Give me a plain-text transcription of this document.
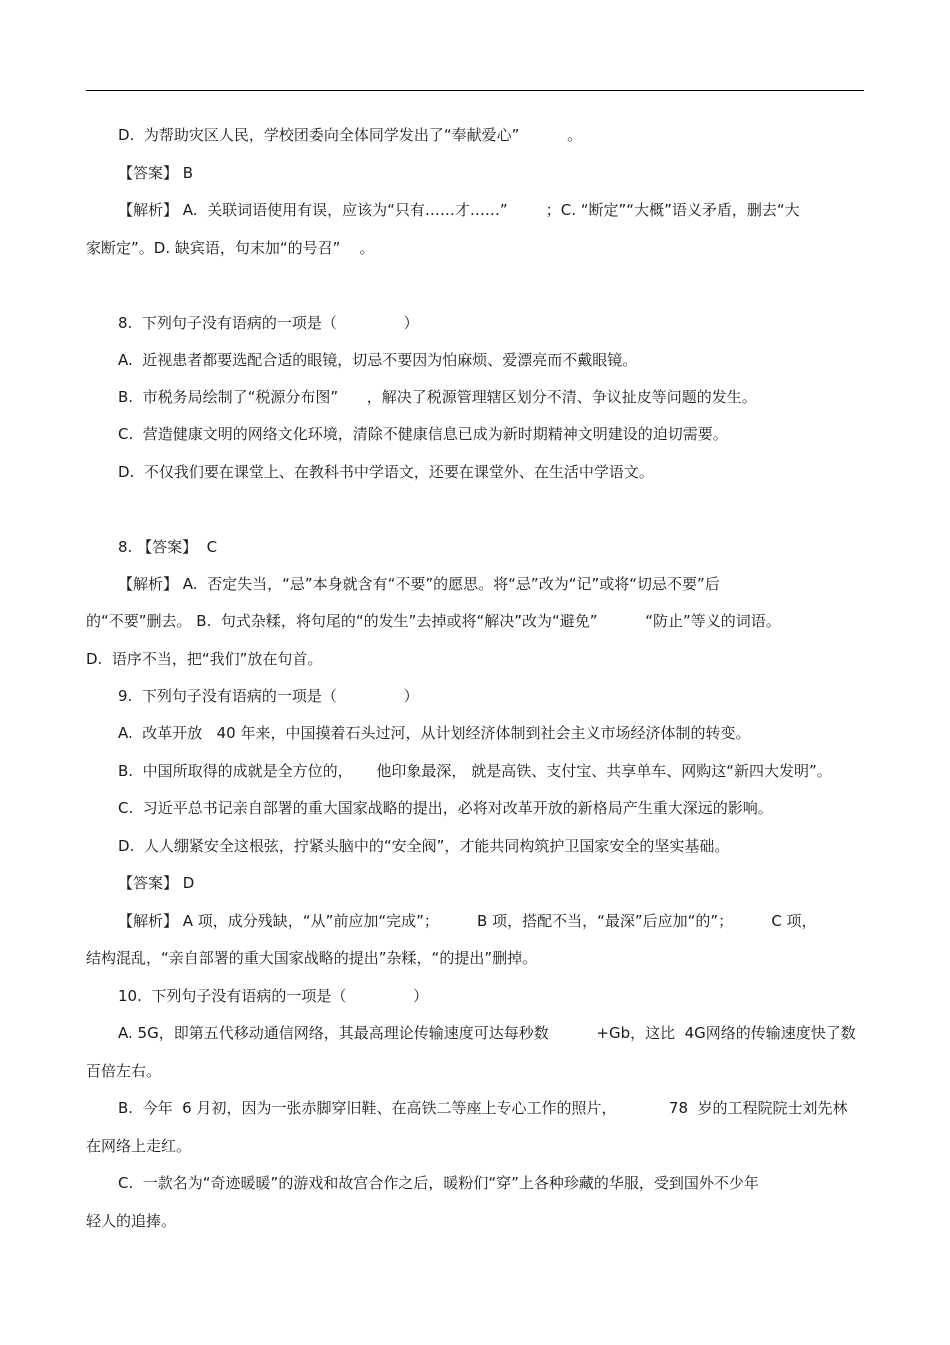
D.  为帮助灾区人民，学校团委向全体同学发出了“奉献爱心”          。
【答案】 B
【解析】 A.  关联词语使用有误，应该为“只有……才……”        ；C. “断定”“大概”语义矛盾，删去“大
家断定”。D. 缺宾语，句末加“的号召”    。
8.  下列句子没有语病的一项是（              ）
A.  近视患者都要选配合适的眼镜，切忌不要因为怕麻烦、爱漂亮而不戴眼镜。
B.  市税务局绘制了“税源分布图”      ，解决了税源管理辖区划分不清、争议扯皮等问题的发生。
C.  营造健康文明的网络文化环境，清除不健康信息已成为新时期精神文明建设的迫切需要。
D.  不仅我们要在课堂上、在教科书中学语文，还要在课堂外、在生活中学语文。
8. 【答案】  C
【解析】 A.  否定失当，“忌”本身就含有“不要”的愿思。将“忌”改为“记”或将“切忌不要”后
的“不要”删去。 B.  句式杂糅，将句尾的“的发生”去掉或将“解决”改为“避免”          “防止”等义的词语。
D.  语序不当，把“我们”放在句首。
9.  下列句子没有语病的一项是（              ）
A.  改革开放   40 年来，中国摸着石头过河，从计划经济体制到社会主义市场经济体制的转变。
B.  中国所取得的成就是全方位的，     他印象最深， 就是高铁、支付宝、共享单车、网购这“新四大发明”。
C.  习近平总书记亲自部署的重大国家战略的提出，必将对改革开放的新格局产生重大深远的影响。
D.  人人绷紧安全这根弦，拧紧头脑中的“安全阀”，才能共同构筑护卫国家安全的坚实基础。
【答案】 D
【解析】 A 项，成分残缺，“从”前应加“完成”；        B 项，搭配不当，“最深”后应加“的”；        C 项，
结构混乱，“亲自部署的重大国家战略的提出”杂糅，“的提出”删掉。
10.  下列句子没有语病的一项是（              ）
A. 5G，即第五代移动通信网络，其最高理论传输速度可达每秒数          +Gb，这比  4G网络的传输速度快了数
百倍左右。
B.  今年  6 月初，因为一张赤脚穿旧鞋、在高铁二等座上专心工作的照片，           78  岁的工程院院士刘先林
在网络上走红。
C.  一款名为“奇迹暖暖”的游戏和故宫合作之后，暖粉们“穿”上各种珍藏的华服，受到国外不少年
轻人的追捧。
